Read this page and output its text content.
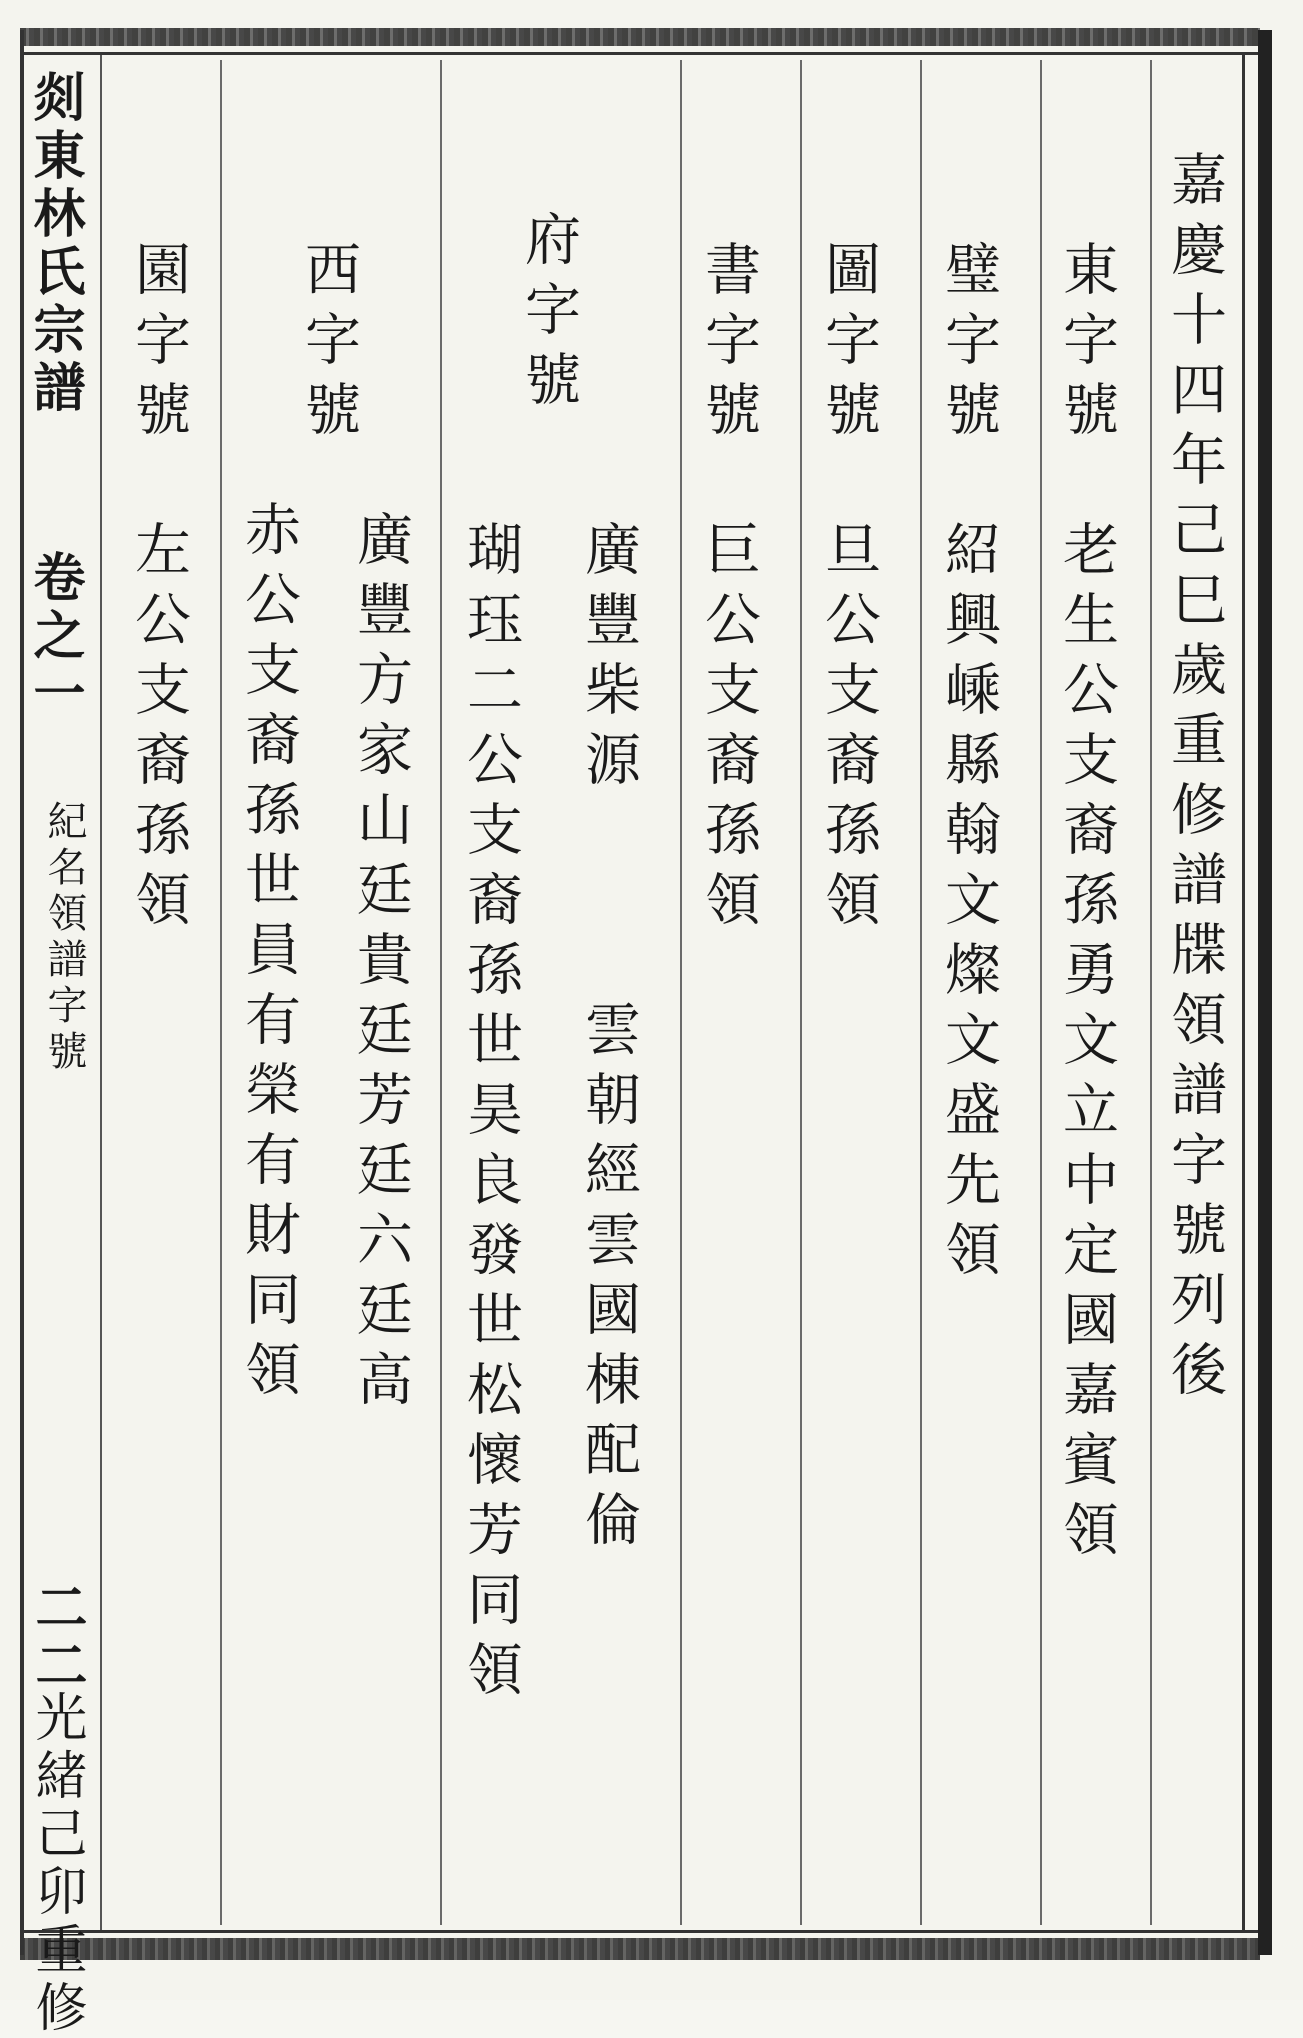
嘉慶十四年己巳歲重修譜牒領譜字號列後
東字號
老生公支裔孫勇文立中定國嘉賓領
璧字號
紹興嵊縣翰文燦文盛先領
圖字號
旦公支裔孫領
書字號
巨公支裔孫領
府字號
廣豐柴源
雲朝經雲國棟配倫
瑚珏二公支裔孫世昊良發世松懷芳同領
西字號
廣豐方家山廷貴廷芳廷六廷高
赤公支裔孫世員有榮有財同領
園字號
左公支裔孫領
剡東林氏宗譜
卷之一
紀名領譜字號
二二
光緒己卯重修
